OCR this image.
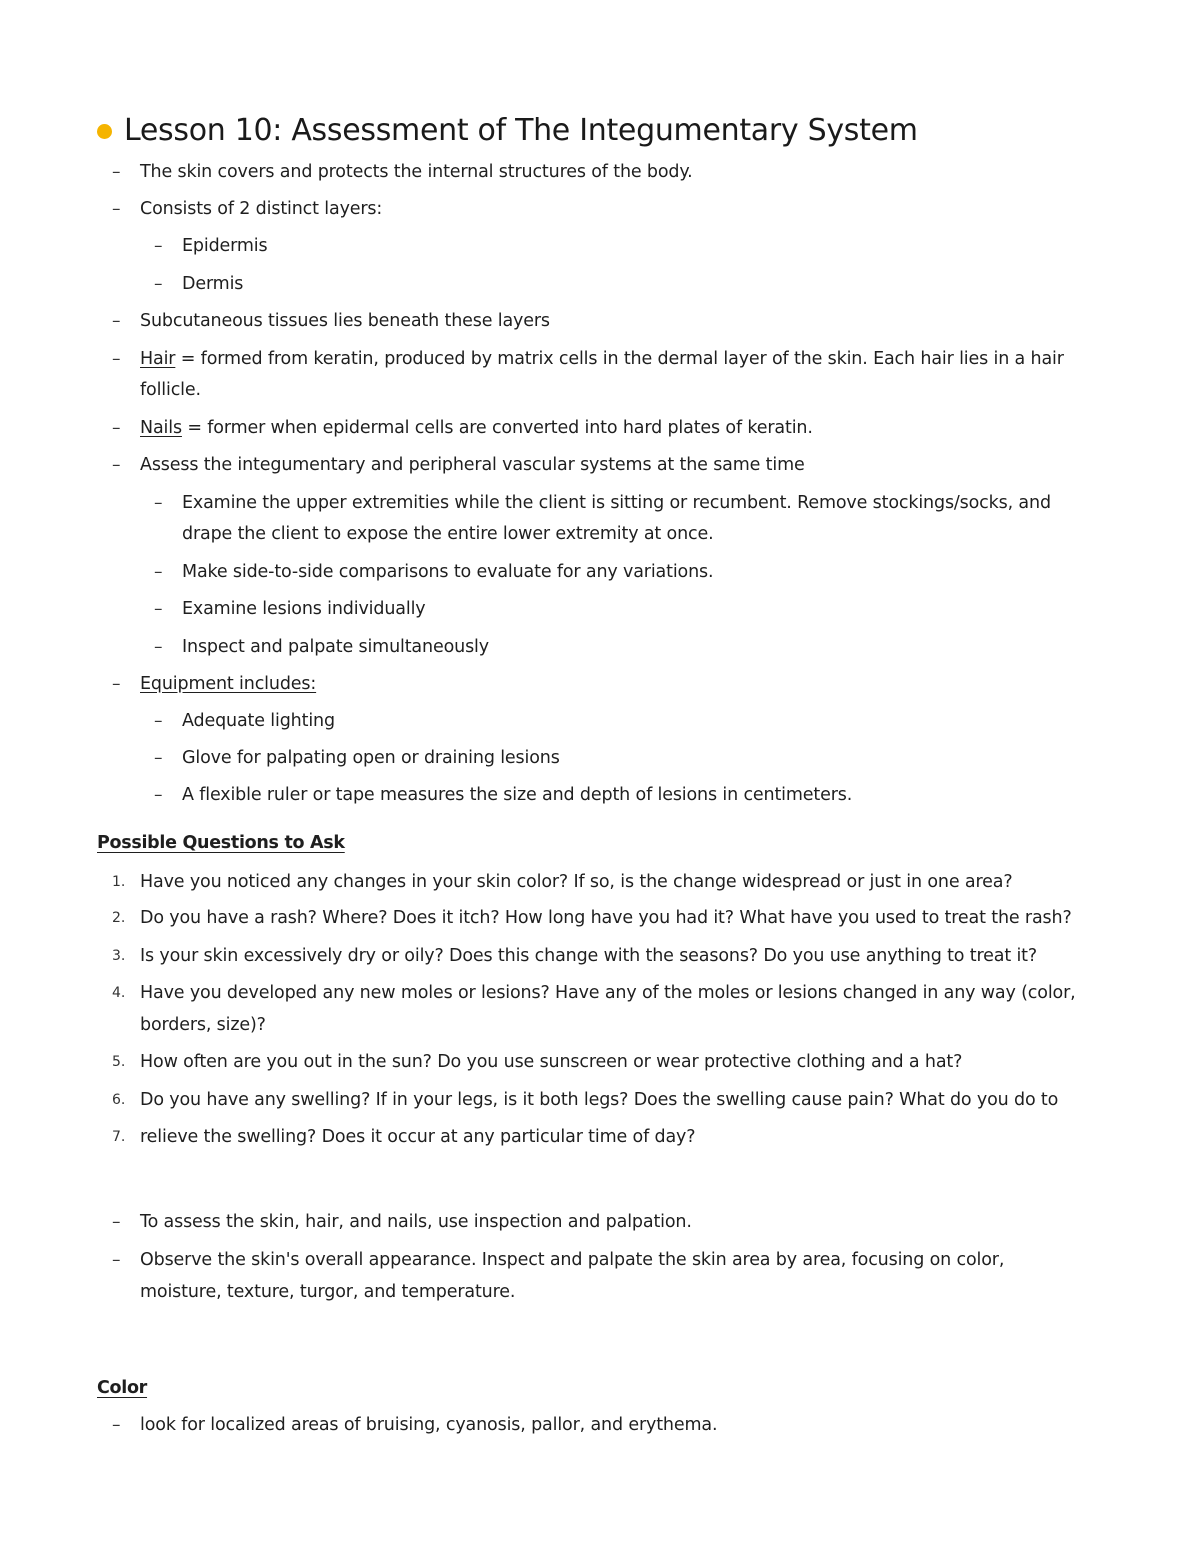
Lesson 10: Assessment of The Integumentary System
– The skin covers and protects the internal structures of the body.
– Consists of 2 distinct layers:
– Epidermis
– Dermis
– Subcutaneous tissues lies beneath these layers
– Hair = formed from keratin, produced by matrix cells in the dermal layer of the skin. Each hair lies in a hair
follicle.
– Nails = former when epidermal cells are converted into hard plates of keratin.
– Assess the integumentary and peripheral vascular systems at the same time
– Examine the upper extremities while the client is sitting or recumbent. Remove stockings/socks, and
drape the client to expose the entire lower extremity at once.
– Make side-to-side comparisons to evaluate for any variations.
– Examine lesions individually
– Inspect and palpate simultaneously
– Equipment includes:
– Adequate lighting
– Glove for palpating open or draining lesions
– A flexible ruler or tape measures the size and depth of lesions in centimeters.
Possible Questions to Ask
1. Have you noticed any changes in your skin color? If so, is the change widespread or just in one area?
2. Do you have a rash? Where? Does it itch? How long have you had it? What have you used to treat the rash?
3. Is your skin excessively dry or oily? Does this change with the seasons? Do you use anything to treat it?
4. Have you developed any new moles or lesions? Have any of the moles or lesions changed in any way (color,
borders, size)?
5. How often are you out in the sun? Do you use sunscreen or wear protective clothing and a hat?
6. Do you have any swelling? If in your legs, is it both legs? Does the swelling cause pain? What do you do to
7. relieve the swelling? Does it occur at any particular time of day?
– To assess the skin, hair, and nails, use inspection and palpation.
– Observe the skin's overall appearance. Inspect and palpate the skin area by area, focusing on color,
moisture, texture, turgor, and temperature.
Color
– look for localized areas of bruising, cyanosis, pallor, and erythema.
